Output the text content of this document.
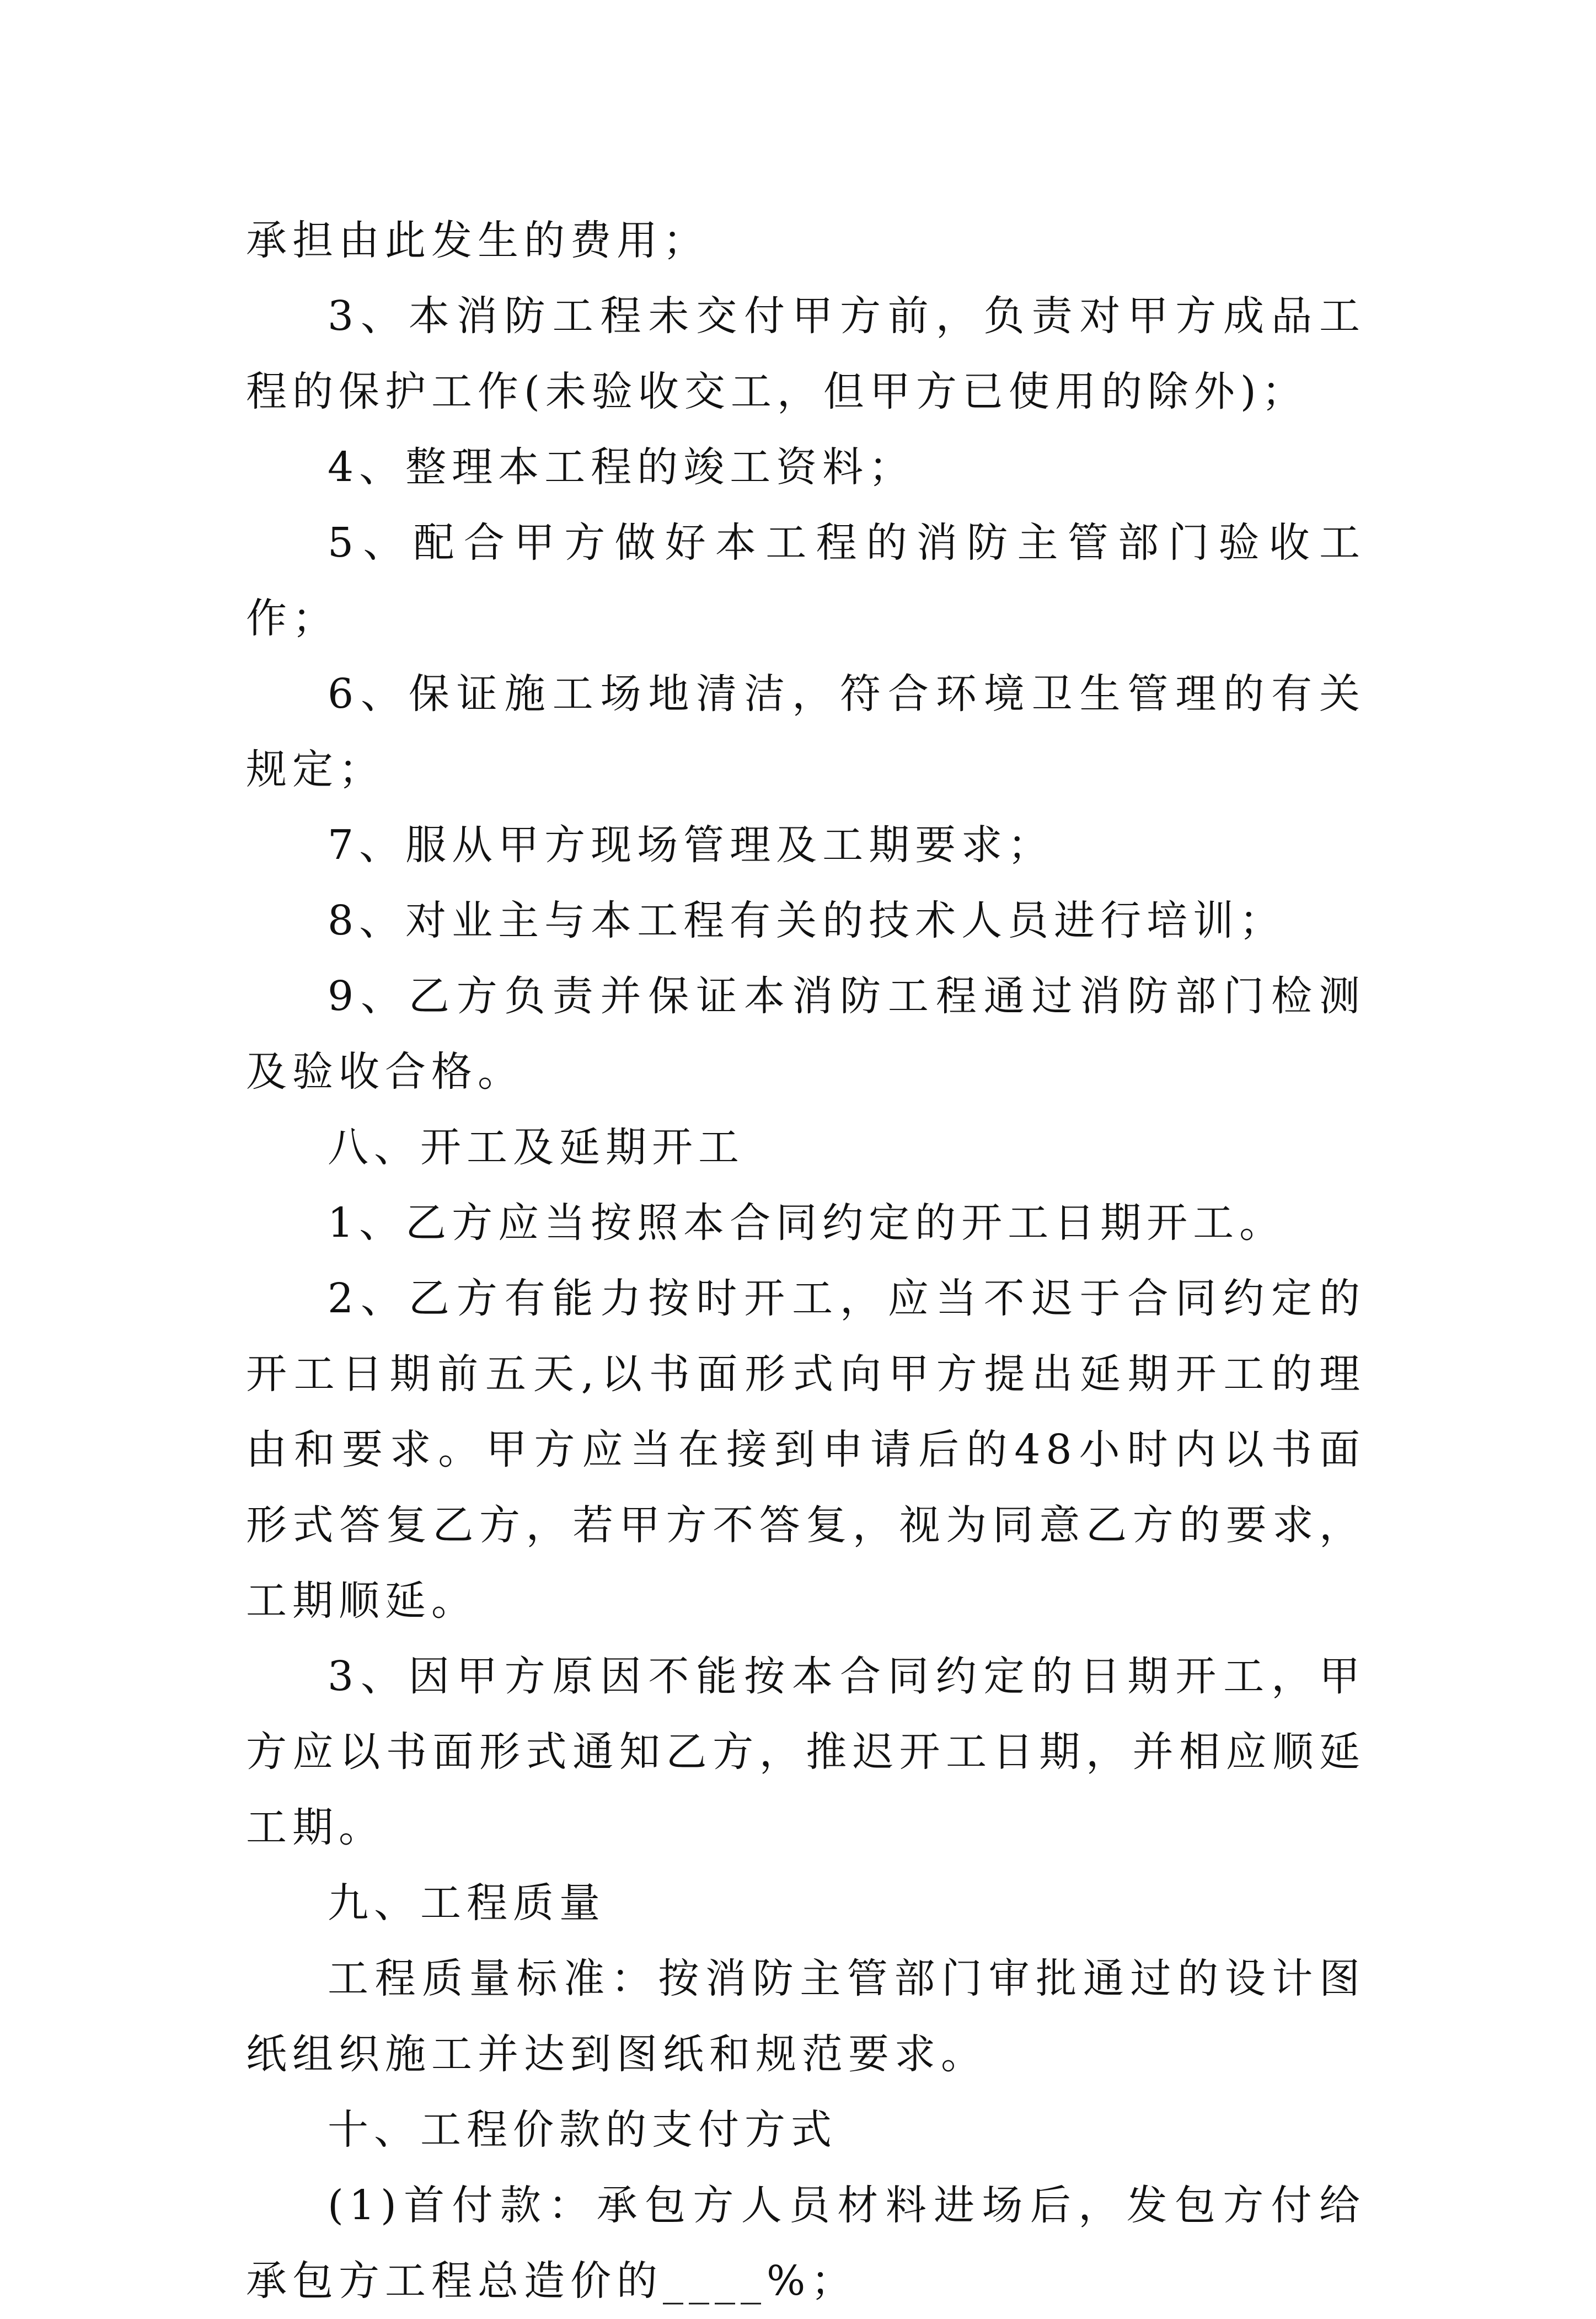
承担由此发生的费用；

3、本消防工程未交付甲方前，负责对甲方成品工程的保护工作(未验收交工，但甲方已使用的除外)；

4、整理本工程的竣工资料；

5、配合甲方做好本工程的消防主管部门验收工作；

6、保证施工场地清洁，符合环境卫生管理的有关规定；

7、服从甲方现场管理及工期要求；

8、对业主与本工程有关的技术人员进行培训；

9、乙方负责并保证本消防工程通过消防部门检测及验收合格。

八、开工及延期开工

1、乙方应当按照本合同约定的开工日期开工。

2、乙方有能力按时开工，应当不迟于合同约定的开工日期前五天,以书面形式向甲方提出延期开工的理由和要求。甲方应当在接到申请后的48小时内以书面形式答复乙方，若甲方不答复，视为同意乙方的要求，工期顺延。

3、因甲方原因不能按本合同约定的日期开工，甲方应以书面形式通知乙方，推迟开工日期，并相应顺延工期。

九、工程质量

工程质量标准：按消防主管部门审批通过的设计图纸组织施工并达到图纸和规范要求。

十、工程价款的支付方式

(1)首付款：承包方人员材料进场后，发包方付给承包方工程总造价的____%；
